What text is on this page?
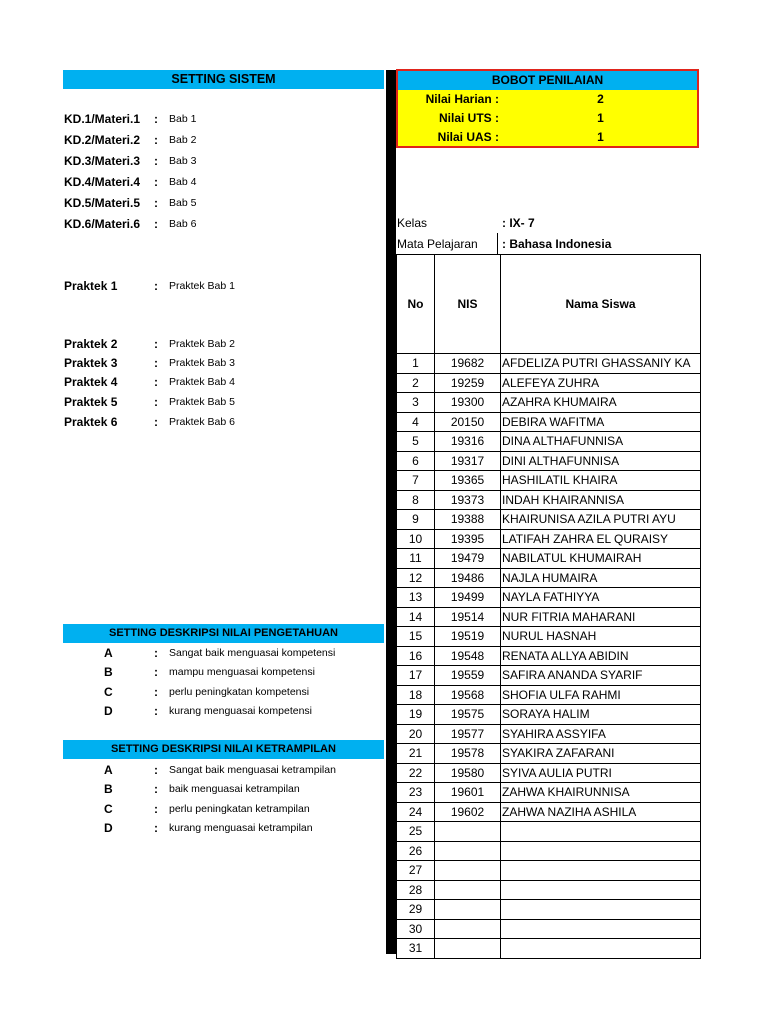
SETTING SISTEM
KD.1/Materi.1 : Bab 1
KD.2/Materi.2 : Bab 2
KD.3/Materi.3 : Bab 3
KD.4/Materi.4 : Bab 4
KD.5/Materi.5 : Bab 5
KD.6/Materi.6 : Bab 6
Praktek 1	: Praktek Bab 1
Praktek 2	: Praktek Bab 2
Praktek 3	: Praktek Bab 3
Praktek 4	: Praktek Bab 4
Praktek 5	: Praktek Bab 5
Praktek 6	: Praktek Bab 6
SETTING DESKRIPSI NILAI PENGETAHUAN
A	: Sangat baik menguasai kompetensi
B	: mampu menguasai kompetensi
C	: perlu peningkatan kompetensi
D	: kurang menguasai kompetensi
SETTING DESKRIPSI NILAI KETRAMPILAN
A	: Sangat baik menguasai ketrampilan
B	: baik menguasai ketrampilan
C	: perlu peningkatan ketrampilan
D	: kurang menguasai ketrampilan
BOBOT PENILAIAN
Nilai Harian :	2
Nilai UTS :	1
Nilai UAS :	1
Kelas	: IX- 7
Mata Pelajaran : Bahasa Indonesia
No	NIS	Nama Siswa
1	19682	AFDELIZA PUTRI GHASSANIY KA
2	19259	ALEFEYA ZUHRA
3	19300	AZAHRA KHUMAIRA
4	20150	DEBIRA WAFITMA
5	19316	DINA ALTHAFUNNISA
6	19317	DINI ALTHAFUNNISA
7	19365	HASHILATIL KHAIRA
8	19373	INDAH KHAIRANNISA
9	19388	KHAIRUNISA AZILA PUTRI AYU
10	19395	LATIFAH ZAHRA EL QURAISY
11	19479	NABILATUL KHUMAIRAH
12	19486	NAJLA HUMAIRA
13	19499	NAYLA FATHIYYA
14	19514	NUR FITRIA MAHARANI
15	19519	NURUL HASNAH
16	19548	RENATA ALLYA ABIDIN
17	19559	SAFIRA ANANDA SYARIF
18	19568	SHOFIA ULFA RAHMI
19	19575	SORAYA HALIM
20	19577	SYAHIRA ASSYIFA
21	19578	SYAKIRA ZAFARANI
22	19580	SYIVA AULIA PUTRI
23	19601	ZAHWA KHAIRUNNISA
24	19602	ZAHWA NAZIHA ASHILA
25		
26		
27		
28		
29		
30		
31		
